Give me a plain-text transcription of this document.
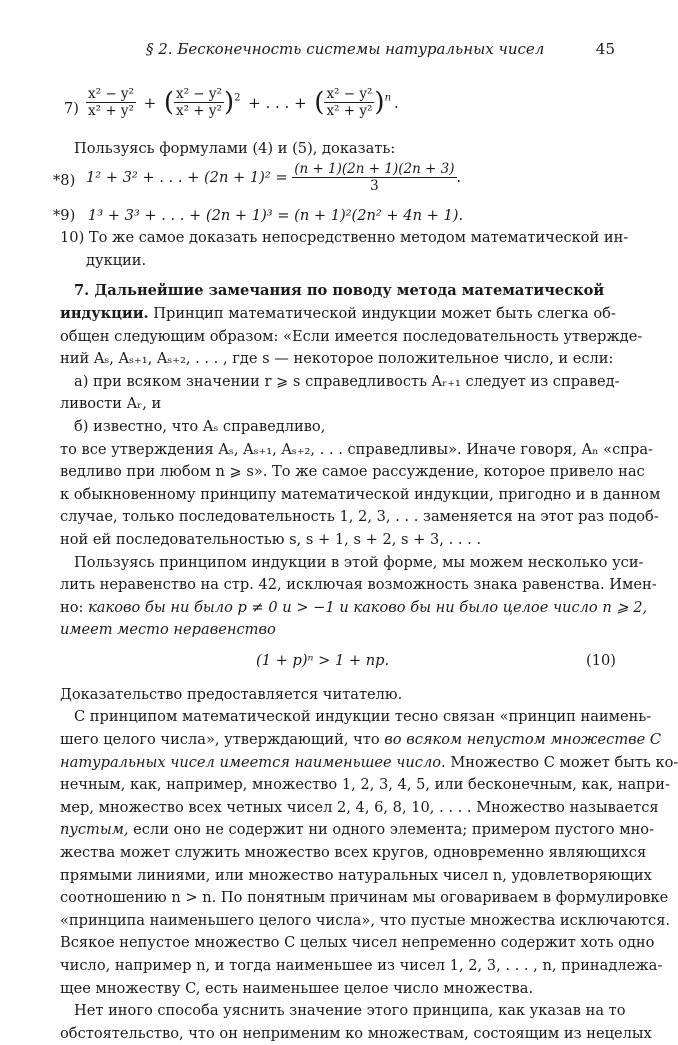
§ 2. Бесконечность системы натуральных чисел	45
$7) \frac{\text{x² − y²}}{\text{x² + y²}}$ + ( $\frac{\text{x² − y²}}{\text{x² + y²}} )^2$ + . . . + ( $\frac{\text{x² − y²}}{\text{x² + y²}} )^n$ .

Пользуясь формулами (4) и (5), доказать:

*8) 1² + 3² + . . . + $(2n + 1)^2 = \frac{(n + 1)(2n + 1)(2n + 3)}{3}$ .

*9) 1³ + 3³ + . . . + (2n + 1)³ = (n + 1)²(2n² + 4n + 1).

10) То же самое доказать непосредственно методом математической ин-

дукции.

7. Дальнейшие замечания по поводу метода математической

индукции. Принцип математической индукции может быть слегка об-

общен следующим образом: «Если имеется последовательность утвержде-

ний Aₛ, Aₛ₊₁, Aₛ₊₂, . . . , где s — некоторое положительное число, и если:

а) при всяком значении r ⩾ s справедливость Aᵣ₊₁ следует из справед-

ливости Aᵣ, и

б) известно, что Aₛ справедливо,

то все утверждения Aₛ, Aₛ₊₁, Aₛ₊₂, . . . справедливы». Иначе говоря, Aₙ «спра-

ведливо при любом n ⩾ s». То же самое рассуждение, которое привело нас

к обыкновенному принципу математической индукции, пригодно и в данном

случае, только последовательность 1, 2, 3, . . . заменяется на этот раз подоб-

ной ей последовательностью s, s + 1, s + 2, s + 3, . . . .

Пользуясь принципом индукции в этой форме, мы можем несколько уси-

лить неравенство на стр. 42, исключая возможность знака равенства. Имен-

но: каково бы ни было p ≠ 0 и > −1 и каково бы ни было целое число n ⩾ 2,

имеет место неравенство

(1 + p)ⁿ > 1 + np.	(10)

Доказательство предоставляется читателю.

С принципом математической индукции тесно связан «принцип наимень-

шего целого числа», утверждающий, что во всяком непустом множестве C

натуральных чисел имеется наименьшее число. Множество C может быть ко-

нечным, как, например, множество 1, 2, 3, 4, 5, или бесконечным, как, напри-

мер, множество всех четных чисел 2, 4, 6, 8, 10, . . . . Множество называется

пустым, если оно не содержит ни одного элемента; примером пустого мно-

жества может служить множество всех кругов, одновременно являющихся

прямыми линиями, или множество натуральных чисел n, удовлетворяющих

соотношению n > n. По понятным причинам мы оговариваем в формулировке

«принципа наименьшего целого числа», что пустые множества исключаются.

Всякое непустое множество C целых чисел непременно содержит хоть одно

число, например n, и тогда наименьшее из чисел 1, 2, 3, . . . , n, принадлежа-

щее множеству C, есть наименьшее целое число множества.

Нет иного способа уяснить значение этого принципа, как указав на то

обстоятельство, что он неприменим ко множествам, состоящим из нецелых
